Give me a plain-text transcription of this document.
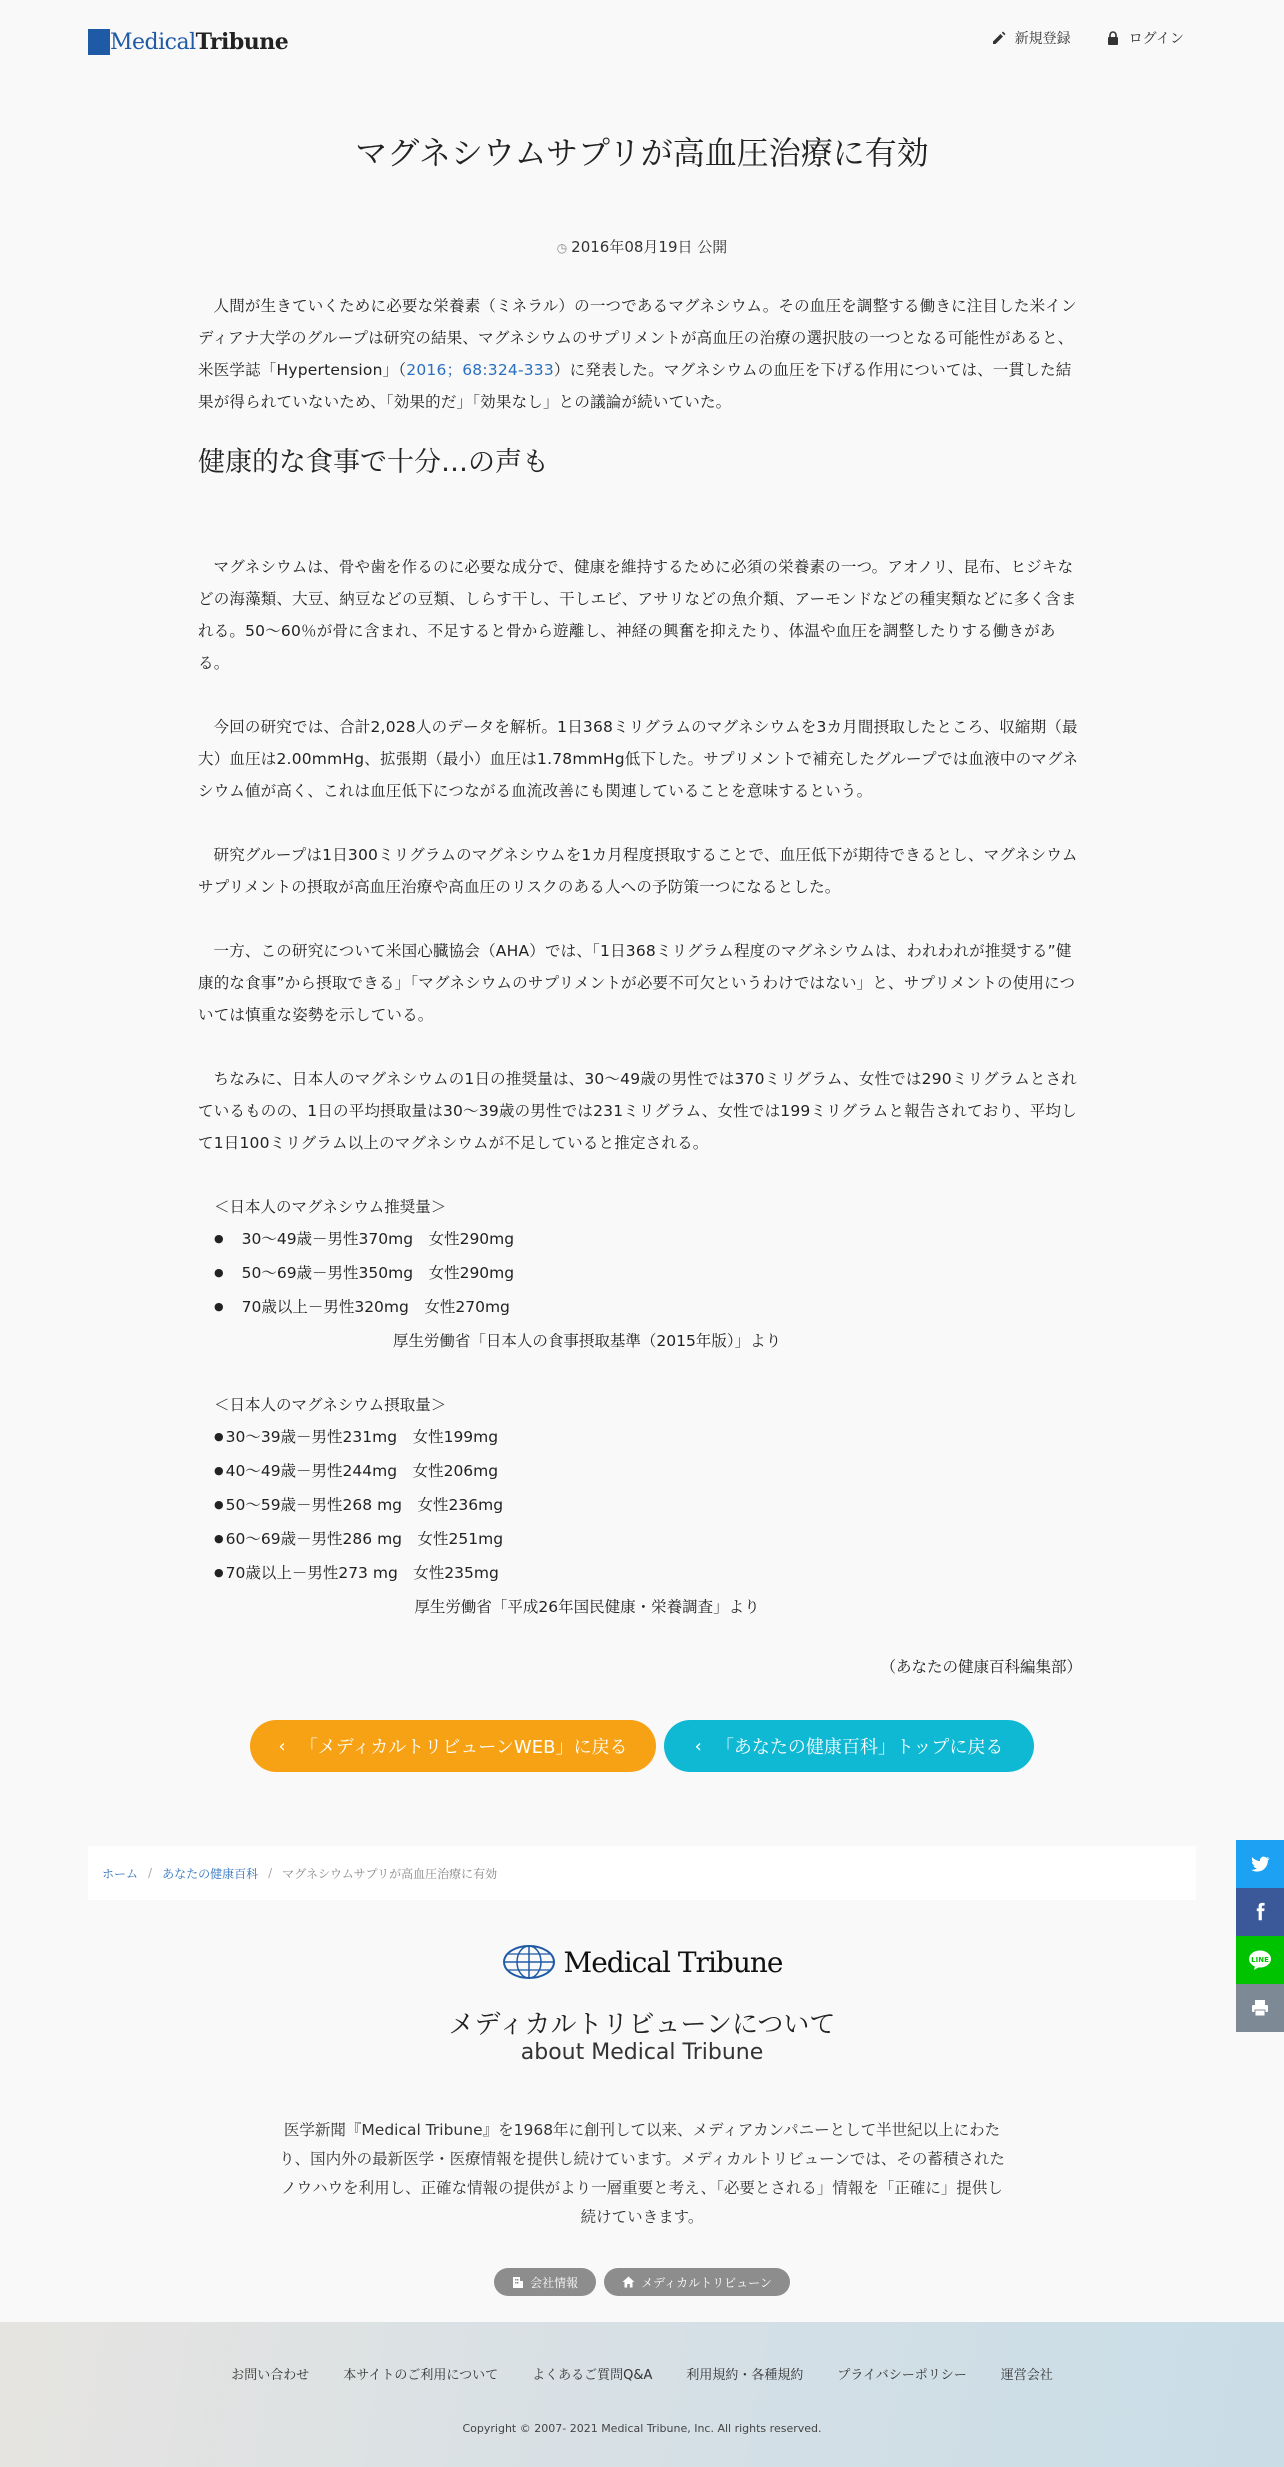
MedicalTribune	新規登録	ログイン
マグネシウムサプリが高血圧治療に有効
◷ 2016年08月19日 公開

人間が生きていくために必要な栄養素（ミネラル）の一つであるマグネシウム。その血圧を調整する働きに注目した米インディアナ大学のグループは研究の結果、マグネシウムのサプリメントが高血圧の治療の選択肢の一つとなる可能性があると、米医学誌「Hypertension」（2016；68:324-333）に発表した。マグネシウムの血圧を下げる作用については、一貫した結果が得られていないため、「効果的だ」「効果なし」との議論が続いていた。

健康的な食事で十分…の声も

マグネシウムは、骨や歯を作るのに必要な成分で、健康を維持するために必須の栄養素の一つ。アオノリ、昆布、ヒジキなどの海藻類、大豆、納豆などの豆類、しらす干し、干しエビ、アサリなどの魚介類、アーモンドなどの種実類などに多く含まれる。50～60％が骨に含まれ、不足すると骨から遊離し、神経の興奮を抑えたり、体温や血圧を調整したりする働きがある。

今回の研究では、合計2,028人のデータを解析。1日368ミリグラムのマグネシウムを3カ月間摂取したところ、収縮期（最大）血圧は2.00mmHg、拡張期（最小）血圧は1.78mmHg低下した。サプリメントで補充したグループでは血液中のマグネシウム値が高く、これは血圧低下につながる血流改善にも関連していることを意味するという。

研究グループは1日300ミリグラムのマグネシウムを1カ月程度摂取することで、血圧低下が期待できるとし、マグネシウムサプリメントの摂取が高血圧治療や高血圧のリスクのある人への予防策一つになるとした。

一方、この研究について米国心臓協会（AHA）では、「1日368ミリグラム程度のマグネシウムは、われわれが推奨する”健康的な食事”から摂取できる」「マグネシウムのサプリメントが必要不可欠というわけではない」と、サプリメントの使用については慎重な姿勢を示している。

ちなみに、日本人のマグネシウムの1日の推奨量は、30～49歳の男性では370ミリグラム、女性では290ミリグラムとされているものの、1日の平均摂取量は30～39歳の男性では231ミリグラム、女性では199ミリグラムと報告されており、平均して1日100ミリグラム以上のマグネシウムが不足していると推定される。

＜日本人のマグネシウム推奨量＞
● 30～49歳－男性370mg　女性290mg
● 50～69歳－男性350mg　女性290mg
● 70歳以上－男性320mg　女性270mg
厚生労働省「日本人の食事摂取基準（2015年版）」より
＜日本人のマグネシウム摂取量＞
● 30～39歳－男性231mg　女性199mg
● 40～49歳－男性244mg　女性206mg
● 50～59歳－男性268 mg　女性236mg
● 60～69歳－男性286 mg　女性251mg
● 70歳以上－男性273 mg　女性235mg
厚生労働省「平成26年国民健康・栄養調査」より
（あなたの健康百科編集部）
‹ 「メディカルトリビューンWEB」に戻る	‹ 「あなたの健康百科」トップに戻る
ホーム / あなたの健康百科 / マグネシウムサプリが高血圧治療に有効
LINE
Medical Tribune
メディカルトリビューンについて
about Medical Tribune
医学新聞『Medical Tribune』を1968年に創刊して以来、メディアカンパニーとして半世紀以上にわたり、国内外の最新医学・医療情報を提供し続けています。メディカルトリビューンでは、その蓄積されたノウハウを利用し、正確な情報の提供がより一層重要と考え、「必要とされる」情報を「正確に」提供し続けていきます。
会社情報	メディカルトリビューン
お問い合わせ	本サイトのご利用について	よくあるご質問Q&A	利用規約・各種規約	プライバシーポリシー	運営会社
Copyright © 2007- 2021 Medical Tribune, Inc. All rights reserved.
